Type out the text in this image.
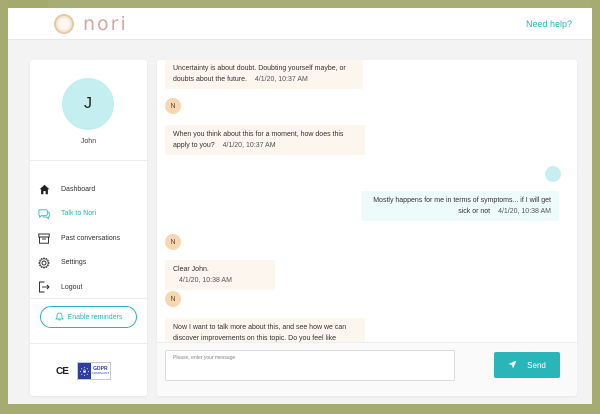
nori	Need help?
J
John
Dashboard
Talk to Nori
Past conversations
Settings
Logout
Enable reminders
CE	GDPR
COMPLIANT
Uncertainty is about doubt. Doubting yourself maybe, or doubts about the future. 4/1/20, 10:37 AM
N
When you think about this for a moment, how does this apply to you? 4/1/20, 10:37 AM
Mostly happens for me in terms of symptoms... if I will get sick or not 4/1/20, 10:38 AM
N
Clear John. 4/1/20, 10:38 AM
N
Now I want to talk more about this, and see how we can discover improvements on this topic. Do you feel like
Please, enter your message
Send
